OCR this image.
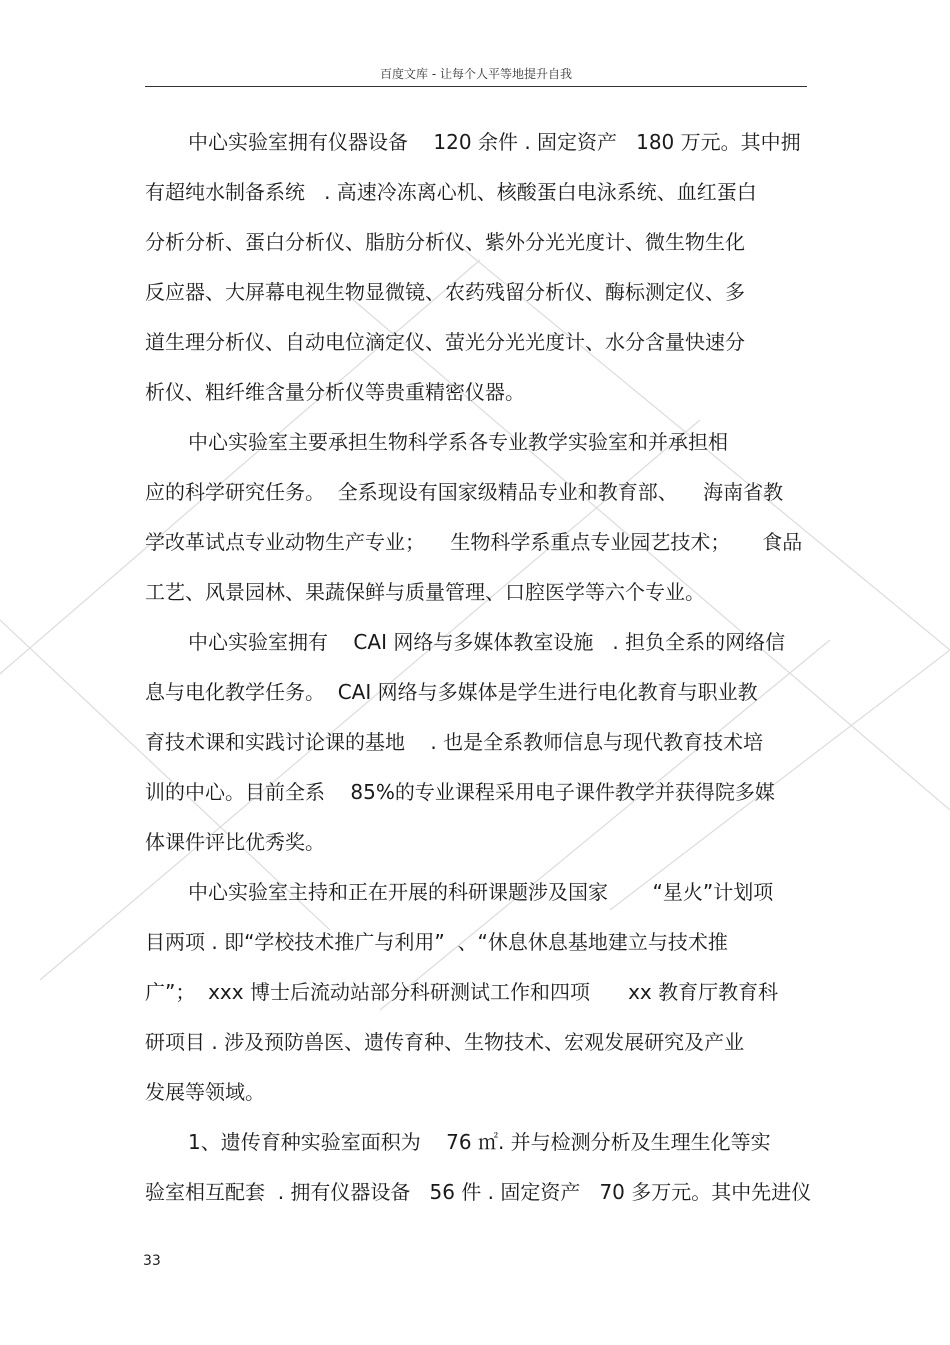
百度文库 - 让每个人平等地提升自我
中心实验室拥有仪器设备    120 余件 . 固定资产   180 万元。其中拥
有超纯水制备系统   . 高速冷冻离心机、核酸蛋白电泳系统、血红蛋白
分析分析、蛋白分析仪、脂肪分析仪、紫外分光光度计、微生物生化
反应器、大屏幕电视生物显微镜、农药残留分析仪、酶标测定仪、多
道生理分析仪、自动电位滴定仪、萤光分光光度计、水分含量快速分
析仪、粗纤维含量分析仪等贵重精密仪器。
中心实验室主要承担生物科学系各专业教学实验室和并承担相
应的科学研究任务。  全系现设有国家级精品专业和教育部、    海南省教
学改革试点专业动物生产专业；    生物科学系重点专业园艺技术；     食品
工艺、风景园林、果蔬保鲜与质量管理、口腔医学等六个专业。
中心实验室拥有    CAI 网络与多媒体教室设施   . 担负全系的网络信
息与电化教学任务。  CAI 网络与多媒体是学生进行电化教育与职业教
育技术课和实践讨论课的基地    . 也是全系教师信息与现代教育技术培
训的中心。目前全系    85%的专业课程采用电子课件教学并获得院多媒
体课件评比优秀奖。
中心实验室主持和正在开展的科研课题涉及国家       “星火”计划项
目两项 . 即“学校技术推广与利用”  、“休息休息基地建立与技术推
广”；  xxx 博士后流动站部分科研测试工作和四项      xx 教育厅教育科
研项目 . 涉及预防兽医、遗传育种、生物技术、宏观发展研究及产业
发展等领域。
1、遗传育种实验室面积为    76 ㎡. 并与检测分析及生理生化等实
验室相互配套  . 拥有仪器设备   56 件 . 固定资产   70 多万元。其中先进仪
33
